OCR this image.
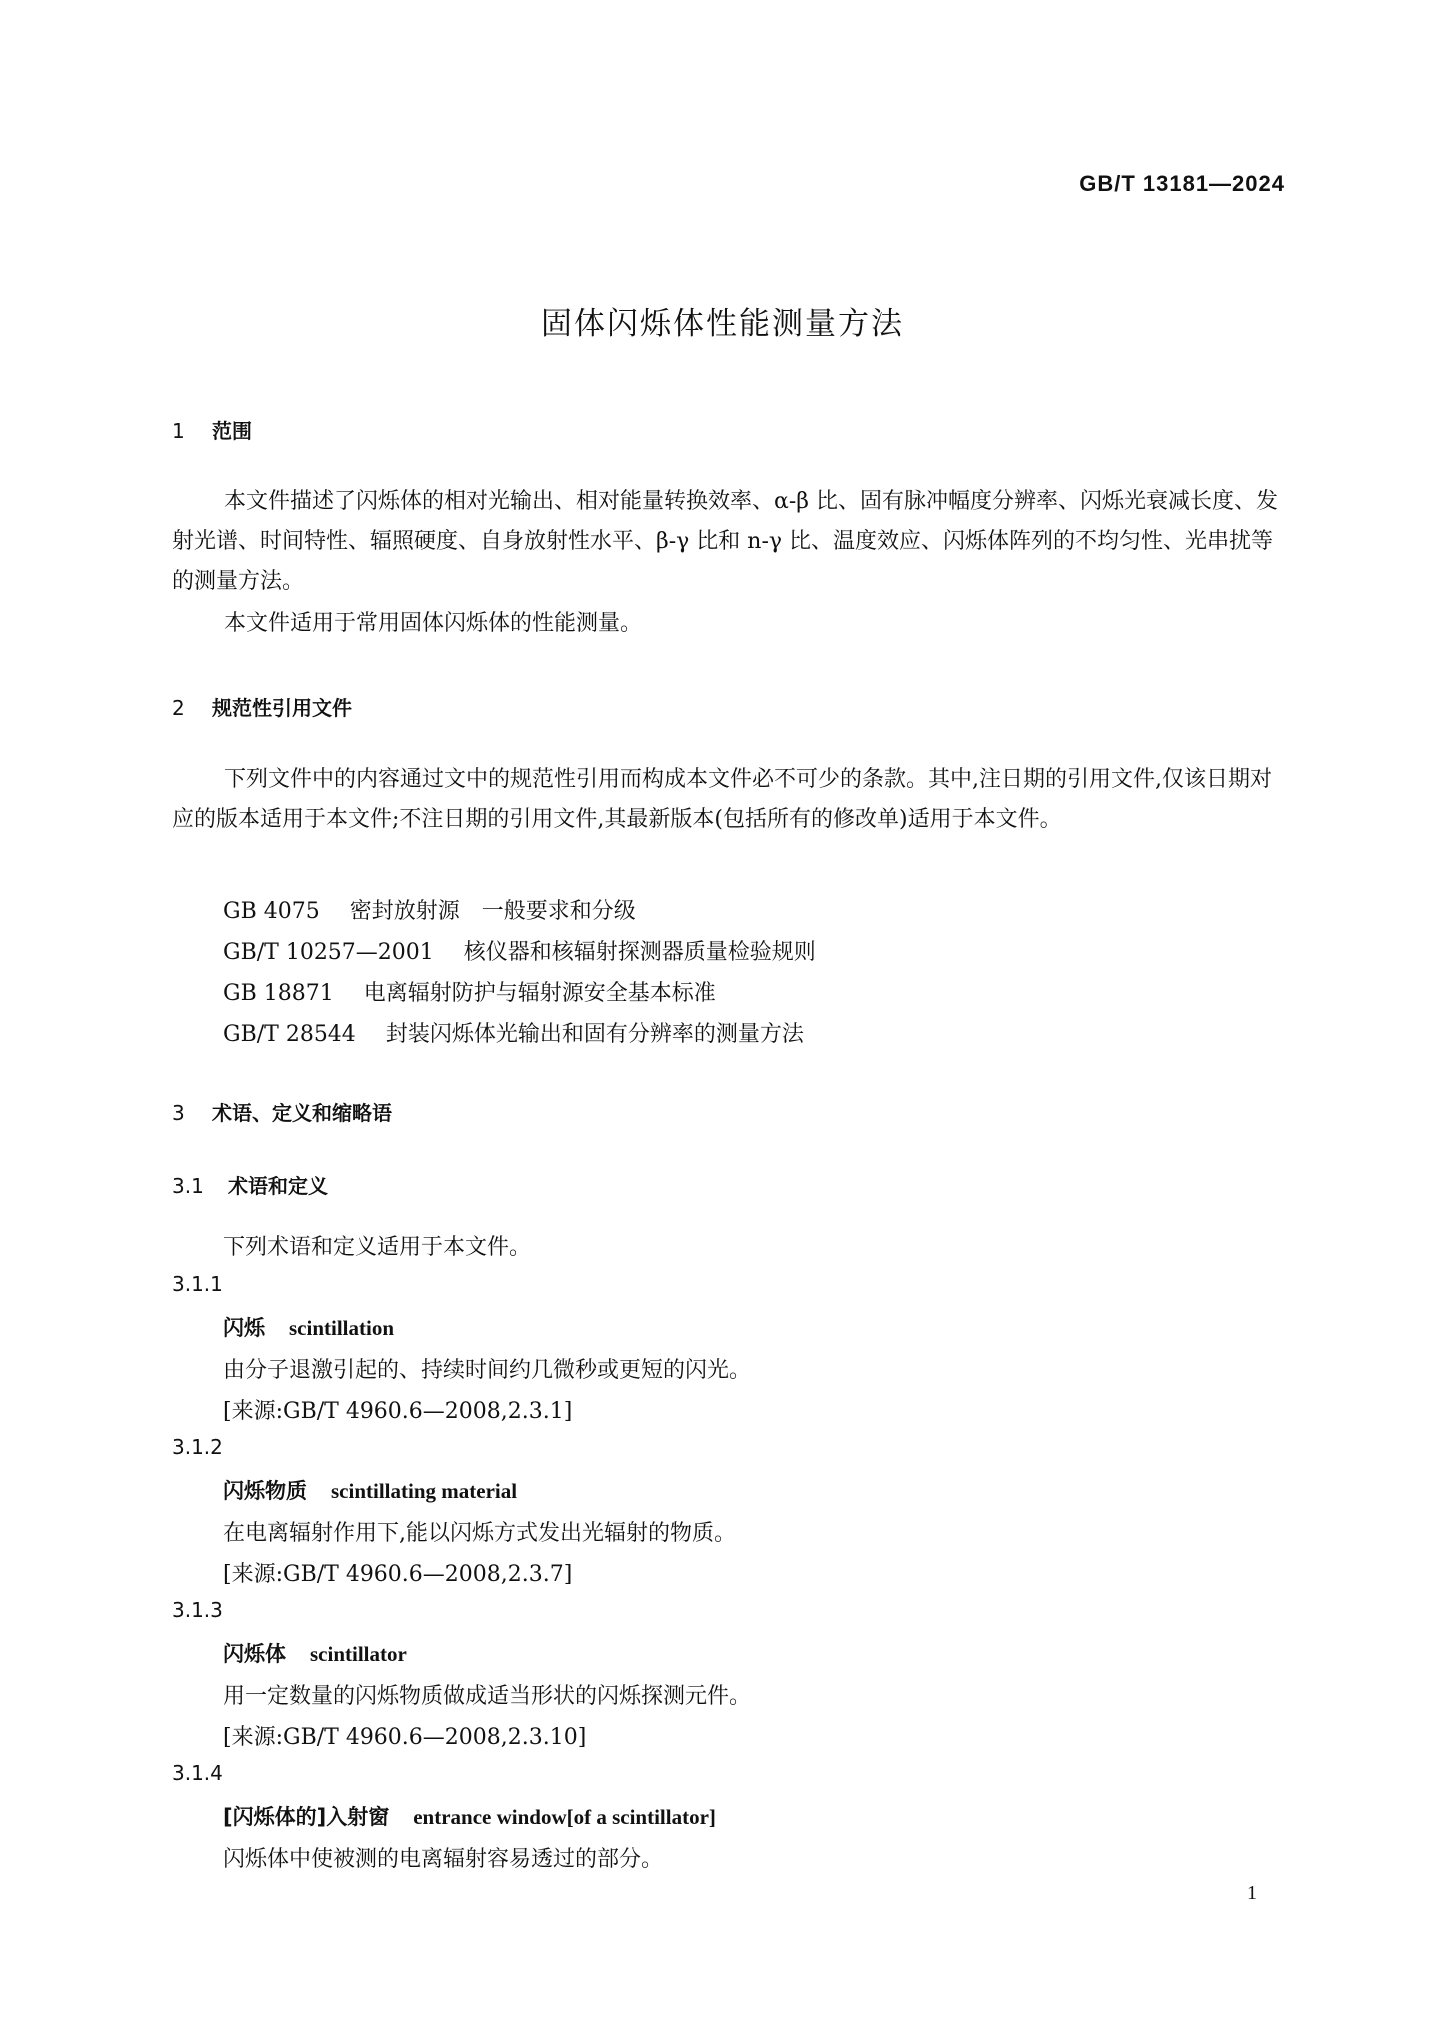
GB/T 13181—2024
固体闪烁体性能测量方法
1 范围
本文件描述了闪烁体的相对光输出、相对能量转换效率、α-β 比、固有脉冲幅度分辨率、闪烁光衰减长度、发射光谱、时间特性、辐照硬度、自身放射性水平、β-γ 比和 n-γ 比、温度效应、闪烁体阵列的不均匀性、光串扰等的测量方法。
本文件适用于常用固体闪烁体的性能测量。
2 规范性引用文件
下列文件中的内容通过文中的规范性引用而构成本文件必不可少的条款。其中,注日期的引用文件,仅该日期对应的版本适用于本文件;不注日期的引用文件,其最新版本(包括所有的修改单)适用于本文件。
GB 4075 密封放射源　一般要求和分级
GB/T 10257—2001 核仪器和核辐射探测器质量检验规则
GB 18871 电离辐射防护与辐射源安全基本标准
GB/T 28544 封装闪烁体光输出和固有分辨率的测量方法
3 术语、定义和缩略语
3.1 术语和定义
下列术语和定义适用于本文件。
3.1.1
闪烁 scintillation
由分子退激引起的、持续时间约几微秒或更短的闪光。
[来源:GB/T 4960.6—2008,2.3.1]
3.1.2
闪烁物质 scintillating material
在电离辐射作用下,能以闪烁方式发出光辐射的物质。
[来源:GB/T 4960.6—2008,2.3.7]
3.1.3
闪烁体 scintillator
用一定数量的闪烁物质做成适当形状的闪烁探测元件。
[来源:GB/T 4960.6—2008,2.3.10]
3.1.4
[闪烁体的]入射窗 entrance window[of a scintillator]
闪烁体中使被测的电离辐射容易透过的部分。
1
